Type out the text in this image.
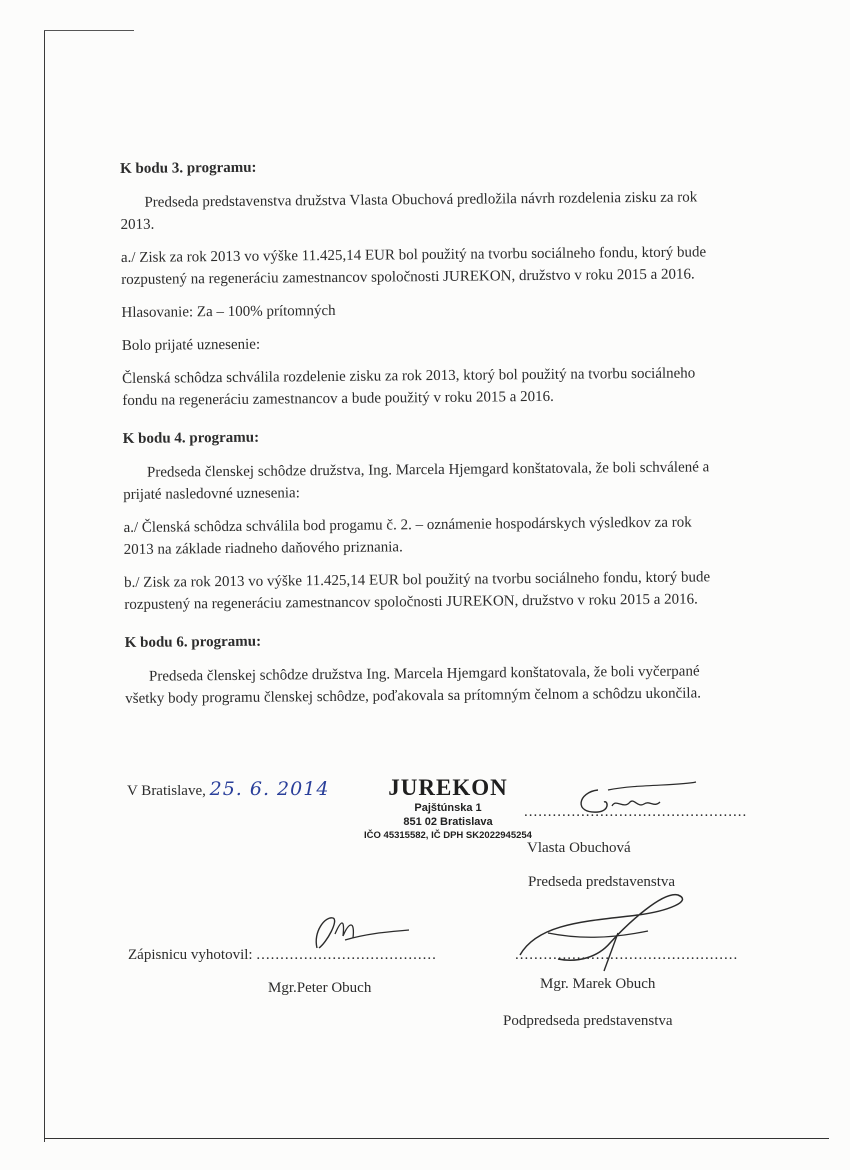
K bodu 3. programu:

Predseda predstavenstva družstva Vlasta Obuchová predložila návrh rozdelenia zisku za rok 2013.

a./ Zisk za rok 2013 vo výške 11.425,14 EUR bol použitý na tvorbu sociálneho fondu, ktorý bude rozpustený na regeneráciu zamestnancov spoločnosti JUREKON, družstvo v roku 2015 a 2016.

Hlasovanie: Za – 100% prítomných

Bolo prijaté uznesenie:

Členská schôdza schválila rozdelenie zisku za rok 2013, ktorý bol použitý na tvorbu sociálneho fondu na regeneráciu zamestnancov a bude použitý v roku 2015 a 2016.

K bodu 4. programu:

Predseda členskej schôdze družstva, Ing. Marcela Hjemgard konštatovala, že boli schválené a prijaté nasledovné uznesenia:

a./ Členská schôdza schválila bod progamu č. 2. – oznámenie hospodárskych výsledkov za rok 2013 na základe riadneho daňového priznania.

b./ Zisk za rok 2013 vo výške 11.425,14 EUR bol použitý na tvorbu sociálneho fondu, ktorý bude rozpustený na regeneráciu zamestnancov spoločnosti JUREKON, družstvo v roku 2015 a 2016.

K bodu 6. programu:

Predseda členskej schôdze družstva Ing. Marcela Hjemgard konštatovala, že boli vyčerpané všetky body programu členskej schôdze, poďakovala sa prítomným čelnom a schôdzu ukončila.

V Bratislave, 25. 6. 2014	JUREKON
Pajštúnska 1
851 02 Bratislava
IČO 45315582, IČ DPH SK2022945254
...............................................
Vlasta Obuchová
Predseda predstavenstva
Zápisnicu vyhotovil: ......................................
Mgr.Peter Obuch
...............................................
Mgr. Marek Obuch
Podpredseda predstavenstva
